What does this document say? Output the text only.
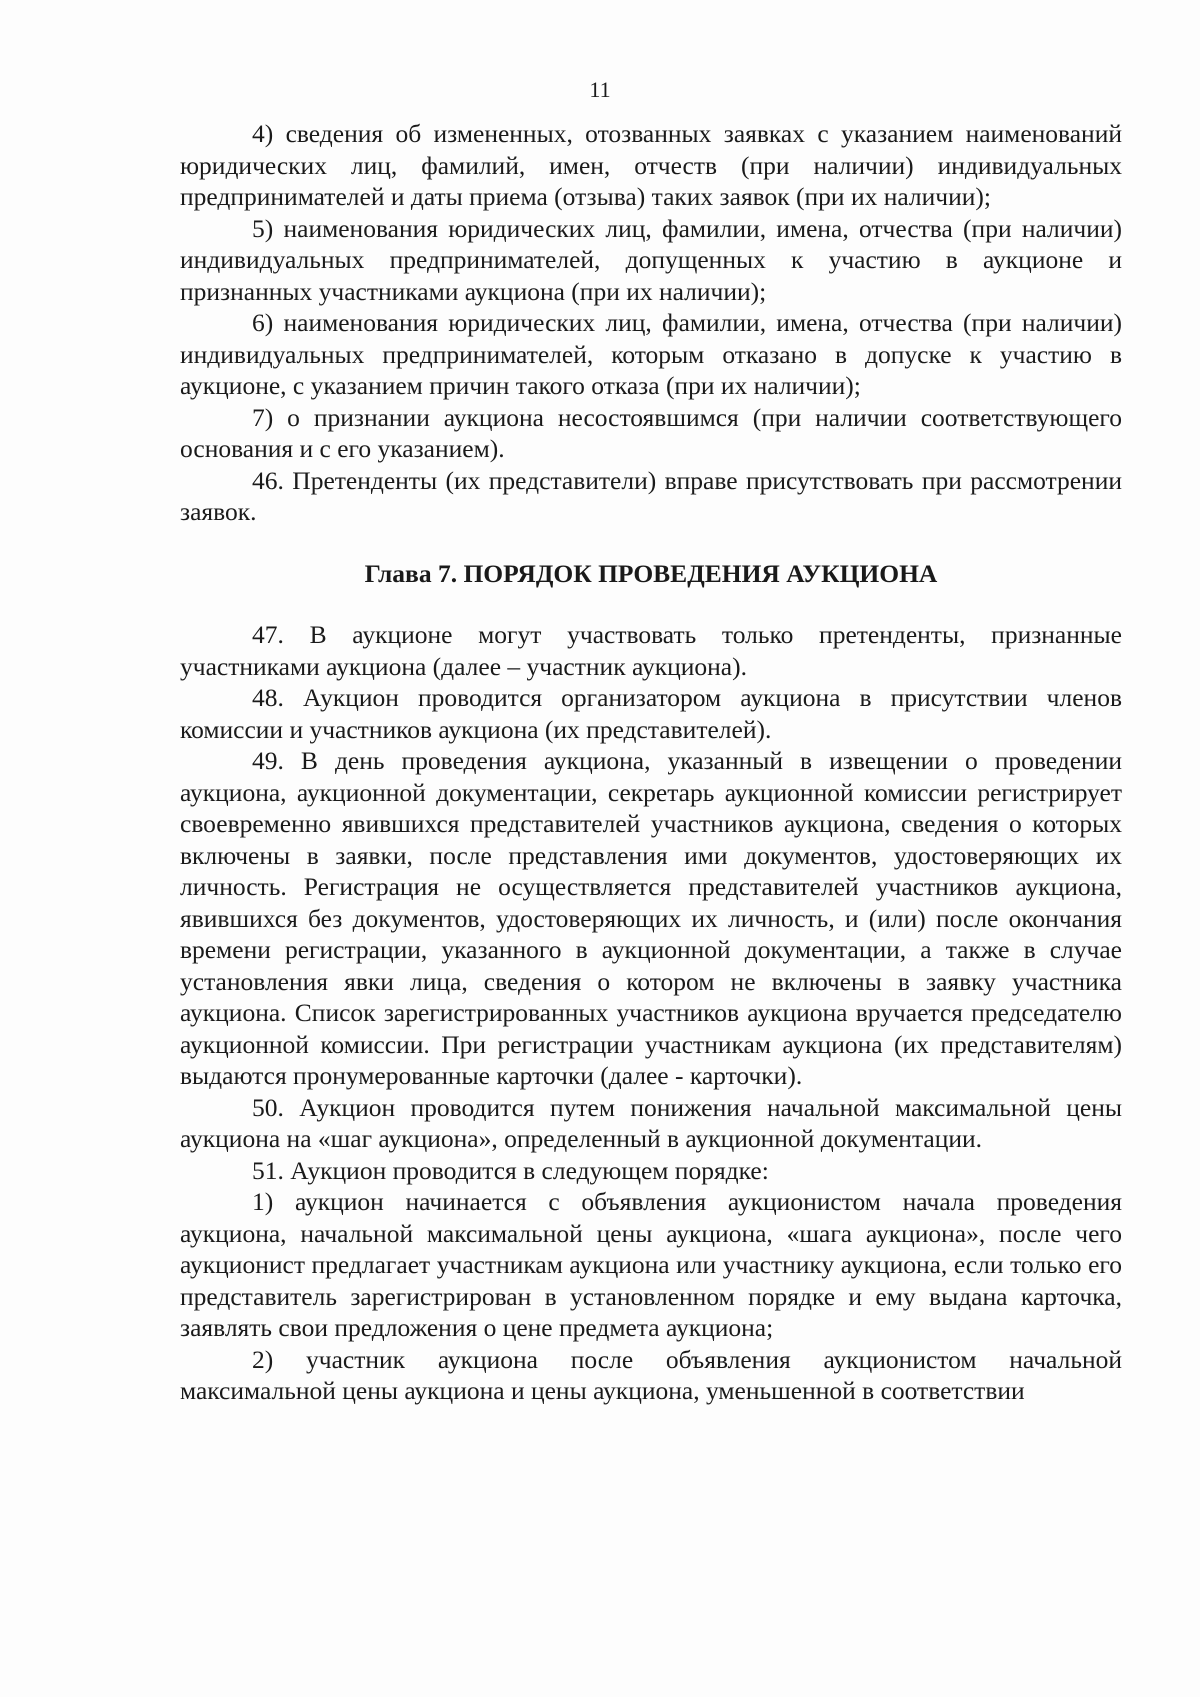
11

4) сведения об измененных, отозванных заявках с указанием наименований юридических лиц, фамилий, имен, отчеств (при наличии) индивидуальных предпринимателей и даты приема (отзыва) таких заявок (при их наличии);

5) наименования юридических лиц, фамилии, имена, отчества (при наличии) индивидуальных предпринимателей, допущенных к участию в аукционе и признанных участниками аукциона (при их наличии);

6) наименования юридических лиц, фамилии, имена, отчества (при наличии) индивидуальных предпринимателей, которым отказано в допуске к участию в аукционе, с указанием причин такого отказа (при их наличии);

7) о признании аукциона несостоявшимся (при наличии соответствующего основания и с его указанием).

46. Претенденты (их представители) вправе присутствовать при рассмотрении заявок.

Глава 7. ПОРЯДОК ПРОВЕДЕНИЯ АУКЦИОНА

47. В аукционе могут участвовать только претенденты, признанные участниками аукциона (далее – участник аукциона).

48. Аукцион проводится организатором аукциона в присутствии членов комиссии и участников аукциона (их представителей).

49. В день проведения аукциона, указанный в извещении о проведении аукциона, аукционной документации, секретарь аукционной комиссии регистрирует своевременно явившихся представителей участников аукциона, сведения о которых включены в заявки, после представления ими документов, удостоверяющих их личность. Регистрация не осуществляется представителей участников аукциона, явившихся без документов, удостоверяющих их личность, и (или) после окончания времени регистрации, указанного в аукционной документации, а также в случае установления явки лица, сведения о котором не включены в заявку участника аукциона. Список зарегистрированных участников аукциона вручается председателю аукционной комиссии. При регистрации участникам аукциона (их представителям) выдаются пронумерованные карточки (далее - карточки).

50. Аукцион проводится путем понижения начальной максимальной цены аукциона на «шаг аукциона», определенный в аукционной документации.

51. Аукцион проводится в следующем порядке:

1) аукцион начинается с объявления аукционистом начала проведения аукциона, начальной максимальной цены аукциона, «шага аукциона», после чего аукционист предлагает участникам аукциона или участнику аукциона, если только его представитель зарегистрирован в установленном порядке и ему выдана карточка, заявлять свои предложения о цене предмета аукциона;

2) участник аукциона после объявления аукционистом начальной максимальной цены аукциона и цены аукциона, уменьшенной в соответствии
